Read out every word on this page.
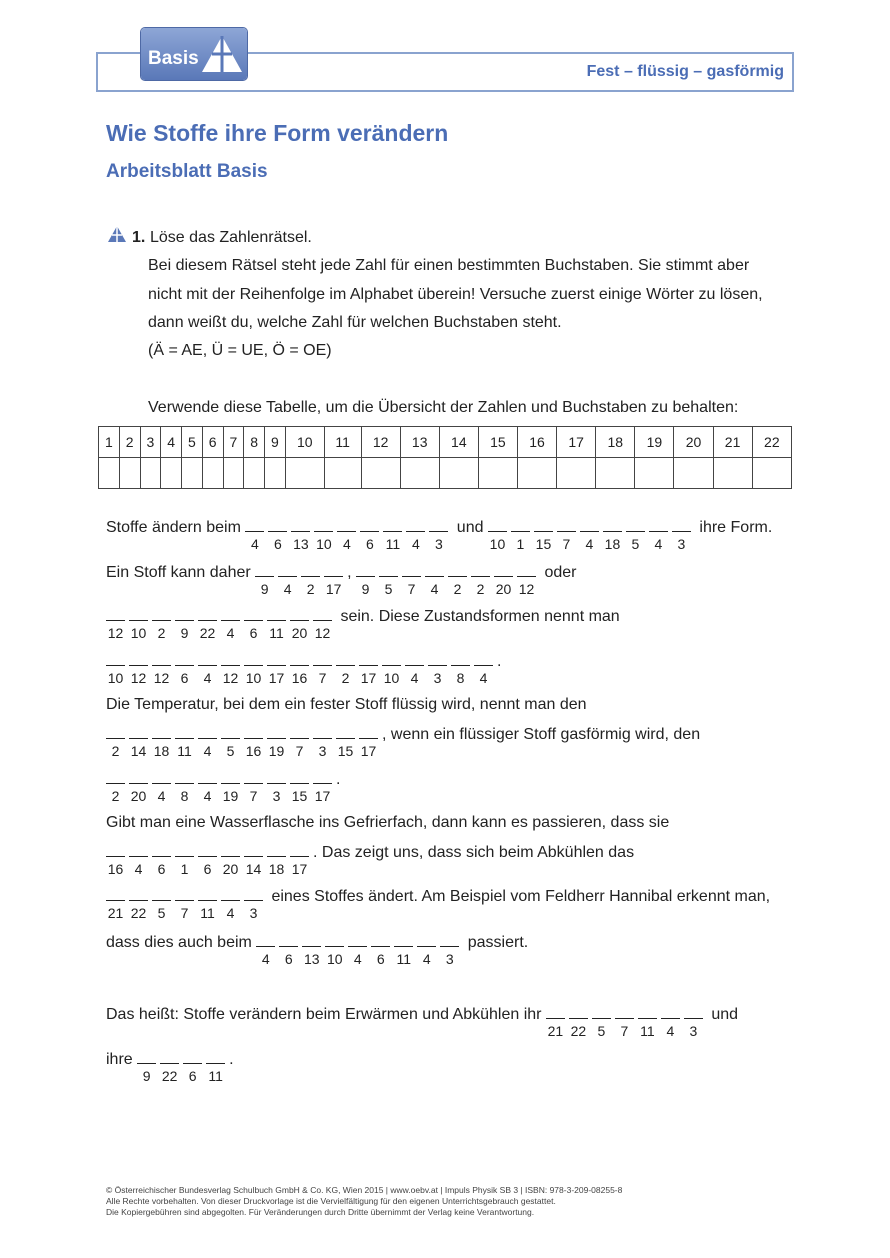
Basis
Fest – flüssig – gasförmig
Wie Stoffe ihre Form verändern
Arbeitsblatt Basis
1. Löse das Zahlenrätsel.
Bei diesem Rätsel steht jede Zahl für einen bestimmten Buchstaben. Sie stimmt aber
nicht mit der Reihenfolge im Alphabet überein! Versuche zuerst einige Wörter zu lösen,
dann weißt du, welche Zahl für welchen Buchstaben steht.
(Ä = AE, Ü = UE, Ö = OE)
Verwende diese Tabelle, um die Übersicht der Zahlen und Buchstaben zu behalten:
1	2	3	4	5	6	7	8	9	10	11	12	13	14	15	16	17	18	19	20	21	22

Stoffe ändern beim
4	6 13 10 4	6 11 4	3
und
10 1 15 7	4 18 5	4	3
ihre Form.
Ein Stoff kann daher
9	4	2 17
,
9	5	7	4	2	2 20 12
oder
12 10 2	9 22 4	6 11 20 12
sein. Diese Zustandsformen nennt man
10 12 12 6	4 12 10 17 16 7	2 17 10 4	3	8	4
.
Die Temperatur, bei dem ein fester Stoff flüssig wird, nennt man den
2 14 18 11 4	5 16 19 7	3 15 17
, wenn ein flüssiger Stoff gasförmig wird, den
2 20 4	8	4 19 7	3 15 17
.
Gibt man eine Wasserflasche ins Gefrierfach, dann kann es passieren, dass sie
16 4	6	1	6 20 14 18 17
. Das zeigt uns, dass sich beim Abkühlen das
21 22 5	7 11 4	3
eines Stoffes ändert. Am Beispiel vom Feldherr Hannibal erkennt man,
dass dies auch beim
4	6 13 10 4	6 11 4	3
passiert.
Das heißt: Stoffe verändern beim Erwärmen und Abkühlen ihr
21 22 5	7 11 4	3
und
ihre
9 22 6 11
.
© Österreichischer Bundesverlag Schulbuch GmbH & Co. KG, Wien 2015 | www.oebv.at | Impuls Physik SB 3 | ISBN: 978-3-209-08255-8
Alle Rechte vorbehalten. Von dieser Druckvorlage ist die Vervielfältigung für den eigenen Unterrichtsgebrauch gestattet.
Die Kopiergebühren sind abgegolten. Für Veränderungen durch Dritte übernimmt der Verlag keine Verantwortung.
